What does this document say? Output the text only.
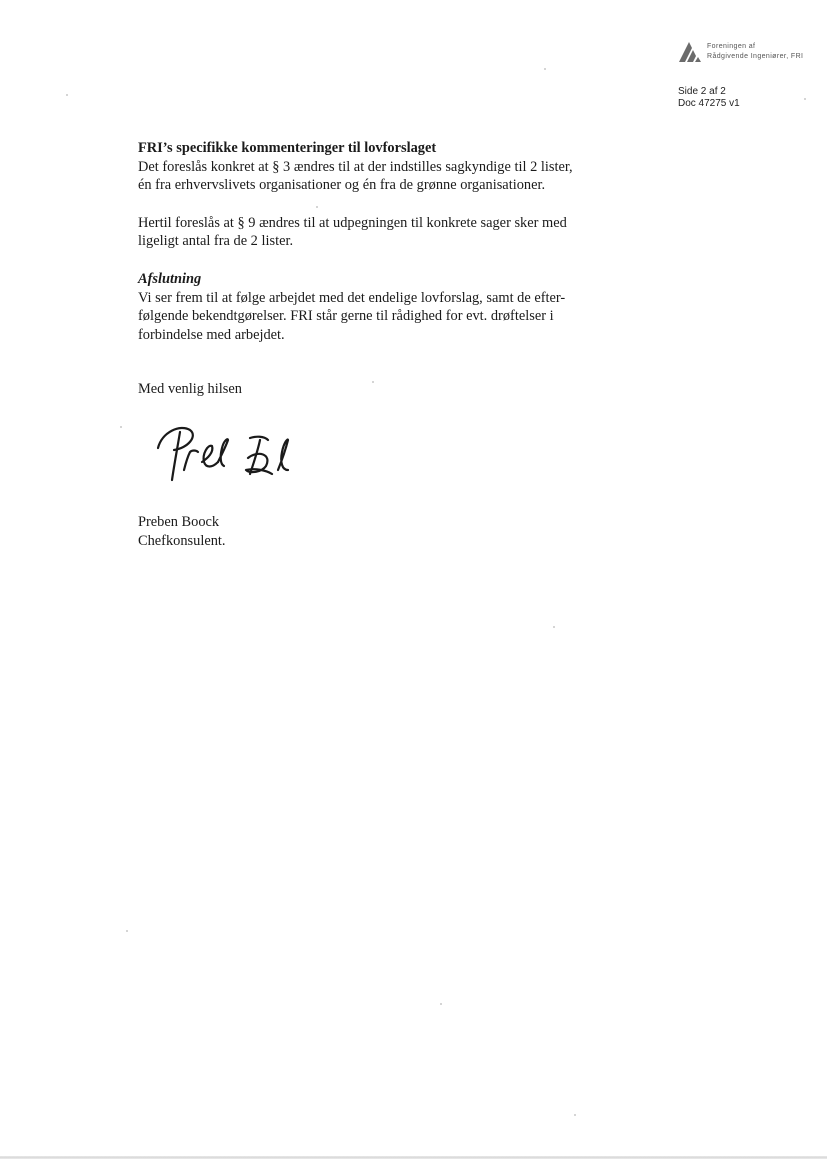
Foreningen af
Rådgivende Ingeniører, FRI
Side 2 af 2
Doc 47275 v1

FRI’s specifikke kommenteringer til lovforslaget

Det foreslås konkret at § 3 ændres til at der indstilles sagkyndige til 2 lister,

én fra erhvervslivets organisationer og én fra de grønne organisationer.

Hertil foreslås at § 9 ændres til at udpegningen til konkrete sager sker med

ligeligt antal fra de 2 lister.

Afslutning

Vi ser frem til at følge arbejdet med det endelige lovforslag, samt de efter-

følgende bekendtgørelser. FRI står gerne til rådighed for evt. drøftelser i

forbindelse med arbejdet.

Med venlig hilsen
Preben Boock
Chefkonsulent.
